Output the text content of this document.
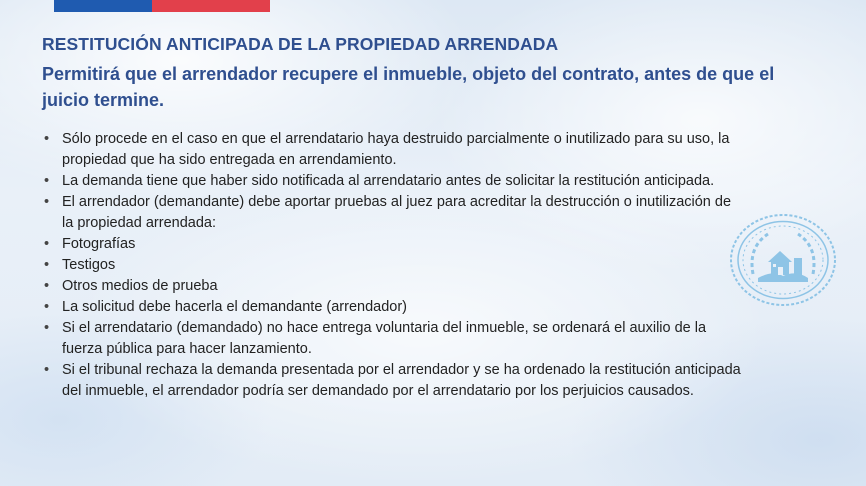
RESTITUCIÓN ANTICIPADA DE LA PROPIEDAD ARRENDADA
Permitirá que el arrendador recupere el inmueble, objeto del contrato, antes de que el juicio termine.
• Sólo procede en el caso en que el arrendatario haya destruido parcialmente o inutilizado para su uso, la propiedad que ha sido entregada en arrendamiento.
• La demanda tiene que haber sido notificada al arrendatario antes de solicitar la restitución anticipada.
• El arrendador (demandante) debe aportar pruebas al juez para acreditar la destrucción o inutilización de la propiedad arrendada:
• Fotografías
• Testigos
• Otros medios de prueba
• La solicitud debe hacerla el demandante (arrendador)
• Si el arrendatario (demandado) no hace entrega voluntaria del inmueble, se ordenará el auxilio de la fuerza pública para hacer lanzamiento.
• Si el tribunal rechaza la demanda presentada por el arrendador y se ha ordenado la restitución anticipada del inmueble, el arrendador podría ser demandado por el arrendatario por los perjuicios causados.
